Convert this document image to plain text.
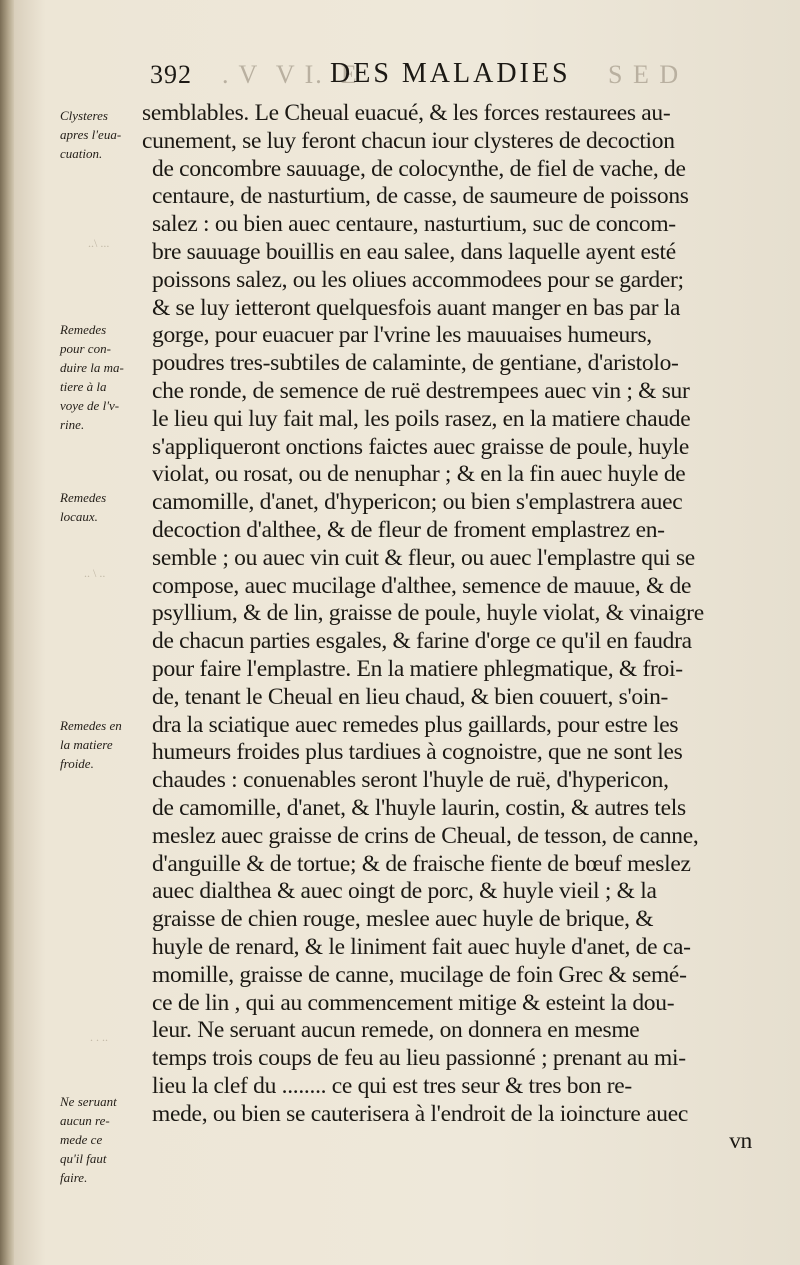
392 . V  V I.  E
DES MALADIES S E D
semblables. Le Cheual euacué, & les forces restaurees au-
cunement, se luy feront chacun iour clysteres de decoction
de concombre sauuage, de colocynthe, de fiel de vache, de
centaure, de nasturtium, de casse, de saumeure de poissons
salez : ou bien auec centaure, nasturtium, suc de concom-
bre sauuage bouillis en eau salee, dans laquelle ayent esté
poissons salez, ou les oliues accommodees pour se garder;
& se luy ietteront quelquesfois auant manger en bas par la
gorge, pour euacuer par l'vrine les mauuaises humeurs,
poudres tres-subtiles de calaminte, de gentiane, d'aristolo-
che ronde, de semence de ruë destrempees auec vin ; & sur
le lieu qui luy fait mal, les poils rasez, en la matiere chaude
s'appliqueront onctions faictes auec graisse de poule, huyle
violat, ou rosat, ou de nenuphar ; & en la fin auec huyle de
camomille, d'anet, d'hypericon; ou bien s'emplastrera auec
decoction d'althee, & de fleur de froment emplastrez en-
semble ; ou auec vin cuit & fleur, ou auec l'emplastre qui se
compose, auec mucilage d'althee, semence de mauue, & de
psyllium, & de lin, graisse de poule, huyle violat, & vinaigre
de chacun parties esgales, & farine d'orge ce qu'il en faudra
pour faire l'emplastre. En la matiere phlegmatique, & froi-
de, tenant le Cheual en lieu chaud, & bien couuert, s'oin-
dra la sciatique auec remedes plus gaillards, pour estre les
humeurs froides plus tardiues à cognoistre, que ne sont les
chaudes : conuenables seront l'huyle de ruë, d'hypericon,
de camomille, d'anet, & l'huyle laurin, costin, & autres tels
meslez auec graisse de crins de Cheual, de tesson, de canne,
d'anguille & de tortue; & de fraische fiente de bœuf meslez
auec dialthea & auec oingt de porc, & huyle vieil ; & la
graisse de chien rouge, meslee auec huyle de brique, &
huyle de renard, & le liniment fait auec huyle d'anet, de ca-
momille, graisse de canne, mucilage de foin Grec & semé-
ce de lin , qui au commencement mitige & esteint la dou-
leur. Ne seruant aucun remede, on donnera en mesme
temps trois coups de feu au lieu passionné ; prenant au mi-
lieu la clef du ........ ce qui est tres seur & tres bon re-
mede, ou bien se cauterisera à l'endroit de la ioincture auec
vn
Clysteres
apres l'eua-
cuation.
Remedes
pour con-
duire la ma-
tiere à la
voye de l'v-
rine.
Remedes
locaux.
Remedes en
la matiere
froide.
Ne seruant
aucun re-
mede ce
qu'il faut
faire.
..\ ...
.. \ ..
. . ..
